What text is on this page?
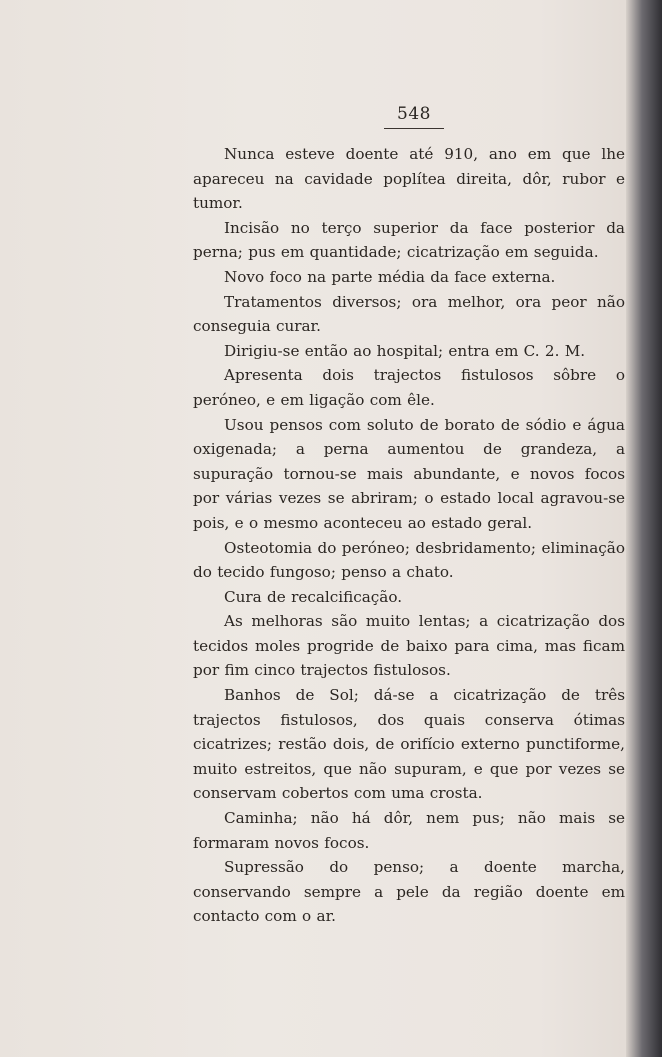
548

Nunca esteve doente até 910, ano em que lhe apareceu na cavidade poplítea direita, dôr, rubor e tumor.

Incisão no terço superior da face posterior da perna; pus em quantidade; cicatrização em seguida.

Novo foco na parte média da face externa.

Tratamentos diversos; ora melhor, ora peor não conseguia curar.

Dirigiu-se então ao hospital; entra em C. 2. M.

Apresenta dois trajectos fistulosos sôbre o peróneo, e em ligação com êle.

Usou pensos com soluto de borato de sódio e água oxigenada; a perna aumentou de grandeza, a supuração tornou-se mais abundante, e novos focos por várias vezes se abriram; o estado local agravou-se pois, e o mesmo aconteceu ao estado geral.

Osteotomia do peróneo; desbridamento; eliminação do tecido fungoso; penso a chato.

Cura de recalcificação.

As melhoras são muito lentas; a cicatrização dos tecidos moles progride de baixo para cima, mas ficam por fim cinco trajectos fistulosos.

Banhos de Sol; dá-se a cicatrização de três trajectos fistulosos, dos quais conserva ótimas cicatrizes; restão dois, de orifício externo punctiforme, muito estreitos, que não supuram, e que por vezes se conservam cobertos com uma crosta.

Caminha; não há dôr, nem pus; não mais se formaram novos focos.

Supressão do penso; a doente marcha, conservando sempre a pele da região doente em contacto com o ar.
